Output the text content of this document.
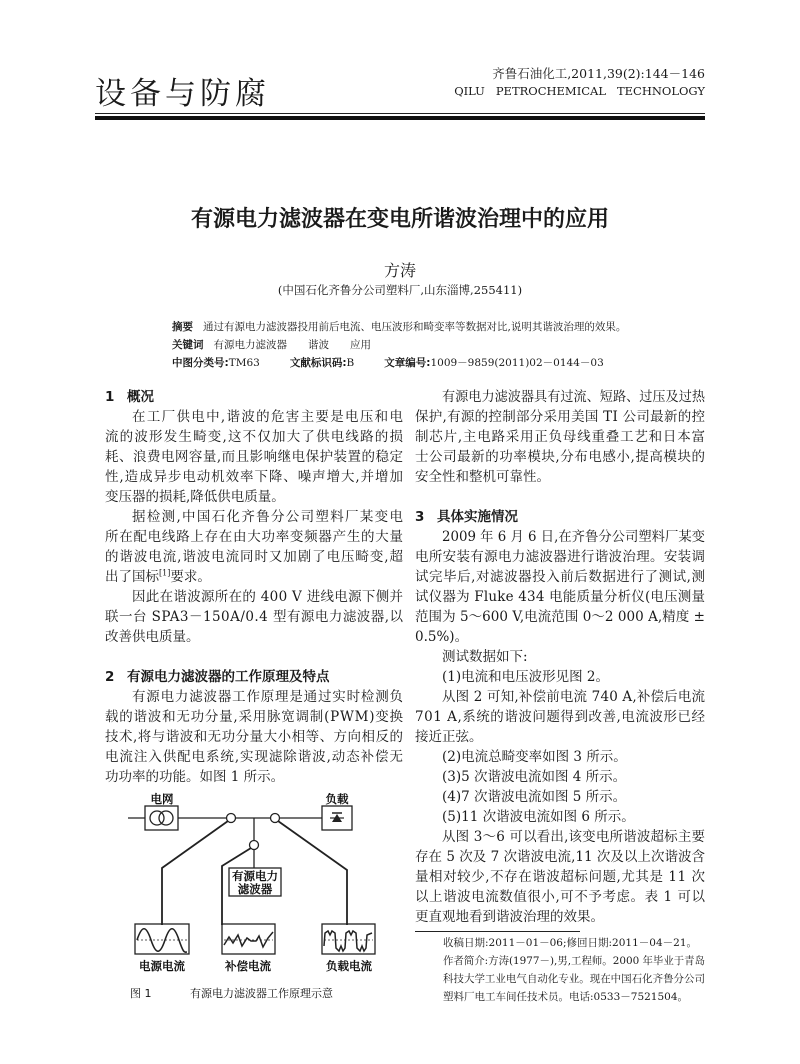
设备与防腐
齐鲁石油化工,2011,39(2):144－146
QILU   PETROCHEMICAL   TECHNOLOGY
有源电力滤波器在变电所谐波治理中的应用
方涛
(中国石化齐鲁分公司塑料厂,山东淄博,255411)
摘要 通过有源电力滤波器投用前后电流、电压波形和畸变率等数据对比,说明其谐波治理的效果。
关键词 有源电力滤波器　　谐波　　应用
中图分类号:TM63	文献标识码:B	文章编号:1009－9859(2011)02－0144－03
1 概况
在工厂供电中,谐波的危害主要是电压和电
流的波形发生畸变,这不仅加大了供电线路的损
耗、浪费电网容量,而且影响继电保护装置的稳定
性,造成异步电动机效率下降、噪声增大,并增加
变压器的损耗,降低供电质量。
据检测,中国石化齐鲁分公司塑料厂某变电
所在配电线路上存在由大功率变频器产生的大量
的谐波电流,谐波电流同时又加剧了电压畸变,超
出了国标[1]要求。
因此在谐波源所在的 400 V 进线电源下侧并
联一台 SPA3－150A/0.4 型有源电力滤波器,以
改善供电质量。
2 有源电力滤波器的工作原理及特点
有源电力滤波器工作原理是通过实时检测负
载的谐波和无功分量,采用脉宽调制(PWM)变换
技术,将与谐波和无功分量大小相等、方向相反的
电流注入供配电系统,实现滤除谐波,动态补偿无
功功率的功能。如图 1 所示。
有源电力滤波器具有过流、短路、过压及过热
保护,有源的控制部分采用美国 TI 公司最新的控
制芯片,主电路采用正负母线重叠工艺和日本富
士公司最新的功率模块,分布电感小,提高模块的
安全性和整机可靠性。
3 具体实施情况
2009 年 6 月 6 日,在齐鲁分公司塑料厂某变
电所安装有源电力滤波器进行谐波治理。安装调
试完毕后,对滤波器投入前后数据进行了测试,测
试仪器为 Fluke 434 电能质量分析仪(电压测量
范围为 5～600 V,电流范围 0～2 000 A,精度 ±
0.5%)。
测试数据如下:
(1)电流和电压波形见图 2。
从图 2 可知,补偿前电流 740 A,补偿后电流
701 A,系统的谐波问题得到改善,电流波形已经
接近正弦。
(2)电流总畸变率如图 3 所示。
(3)5 次谐波电流如图 4 所示。
(4)7 次谐波电流如图 5 所示。
(5)11 次谐波电流如图 6 所示。
从图 3～6 可以看出,该变电所谐波超标主要
存在 5 次及 7 次谐波电流,11 次及以上次谐波含
量相对较少,不存在谐波超标问题,尤其是 11 次
以上谐波电流数值很小,可不予考虑。表 1 可以
更直观地看到谐波治理的效果。
电网	负载
有源电力
滤波器
电源电流	补偿电流	负载电流
图 1	有源电力滤波器工作原理示意
收稿日期:2011－01－06;修回日期:2011－04－21。
作者简介:方涛(1977－),男,工程师。2000 年毕业于青岛
科技大学工业电气自动化专业。现在中国石化齐鲁分公司
塑料厂电工车间任技术员。电话:0533－7521504。
